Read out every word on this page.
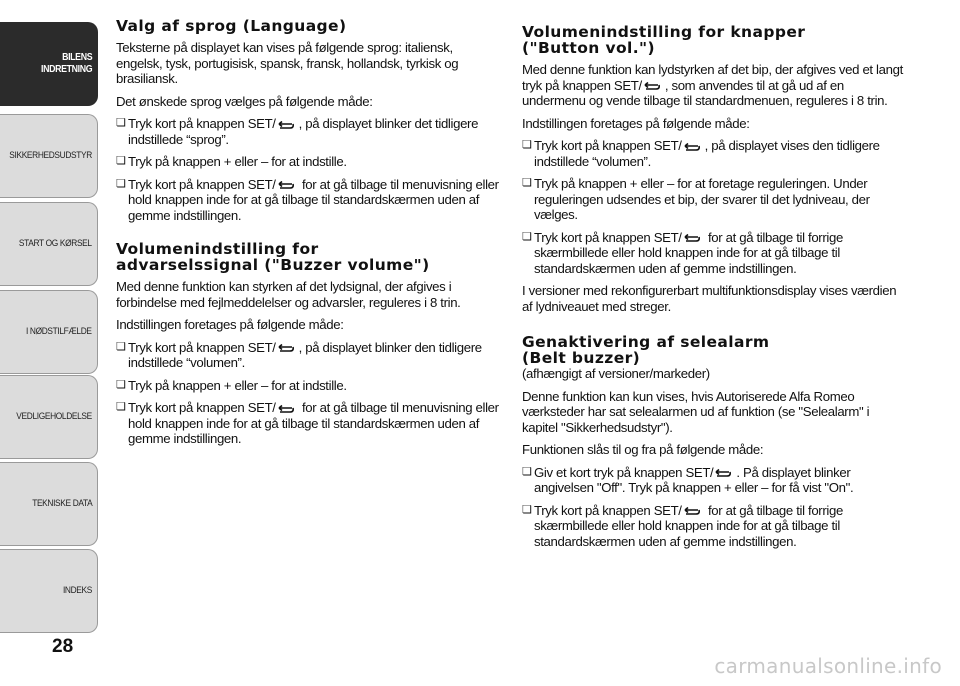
BILENS
INDRETNING
SIKKERHEDSUDSTYR
START OG KØRSEL
I NØDSTILFÆLDE
VEDLIGEHOLDELSE
TEKNISKE DATA
INDEKS
28
Valg af sprog (Language)

Teksterne på displayet kan vises på følgende sprog: italiensk, engelsk, tysk, portugisisk, spansk, fransk, hollandsk, tyrkisk og brasiliansk.

Det ønskede sprog vælges på følgende måde:

❏ Tryk kort på knappen SET/ , på displayet blinker det tidligere indstillede “sprog”.

❏ Tryk på knappen + eller – for at indstille.

❏ Tryk kort på knappen SET/ for at gå tilbage til menuvisning eller hold knappen inde for at gå tilbage til standardskærmen uden af gemme indstillingen.

Volumenindstilling for
advarselssignal ("Buzzer volume")

Med denne funktion kan styrken af det lydsignal, der afgives i forbindelse med fejlmeddelelser og advarsler, reguleres i 8 trin.

Indstillingen foretages på følgende måde:

❏ Tryk kort på knappen SET/ , på displayet blinker den tidligere indstillede “volumen”.

❏ Tryk på knappen + eller – for at indstille.

❏ Tryk kort på knappen SET/ for at gå tilbage til menuvisning eller hold knappen inde for at gå tilbage til standardskærmen uden af gemme indstillingen.

Volumenindstilling for knapper
("Button vol.")

Med denne funktion kan lydstyrken af det bip, der afgives ved et langt tryk på knappen SET/ , som anvendes til at gå ud af en undermenu og vende tilbage til standardmenuen, reguleres i 8 trin.

Indstillingen foretages på følgende måde:

❏ Tryk kort på knappen SET/ , på displayet vises den tidligere indstillede “volumen”.

❏ Tryk på knappen + eller – for at foretage reguleringen. Under reguleringen udsendes et bip, der svarer til det lydniveau, der vælges.

❏ Tryk kort på knappen SET/ for at gå tilbage til forrige skærmbillede eller hold knappen inde for at gå tilbage til standardskærmen uden af gemme indstillingen.

I versioner med rekonfigurerbart multifunktionsdisplay vises værdien af lydniveauet med streger.

Genaktivering af selealarm
(Belt buzzer)

(afhængigt af versioner/markeder)

Denne funktion kan kun vises, hvis Autoriserede Alfa Romeo værksteder har sat selealarmen ud af funktion (se "Selealarm" i kapitel "Sikkerhedsudstyr").

Funktionen slås til og fra på følgende måde:

❏ Giv et kort tryk på knappen SET/ . På displayet blinker angivelsen "Off". Tryk på knappen + eller – for få vist "On".

❏ Tryk kort på knappen SET/ for at gå tilbage til forrige skærmbillede eller hold knappen inde for at gå tilbage til standardskærmen uden af gemme indstillingen.

carmanualsonline.info
